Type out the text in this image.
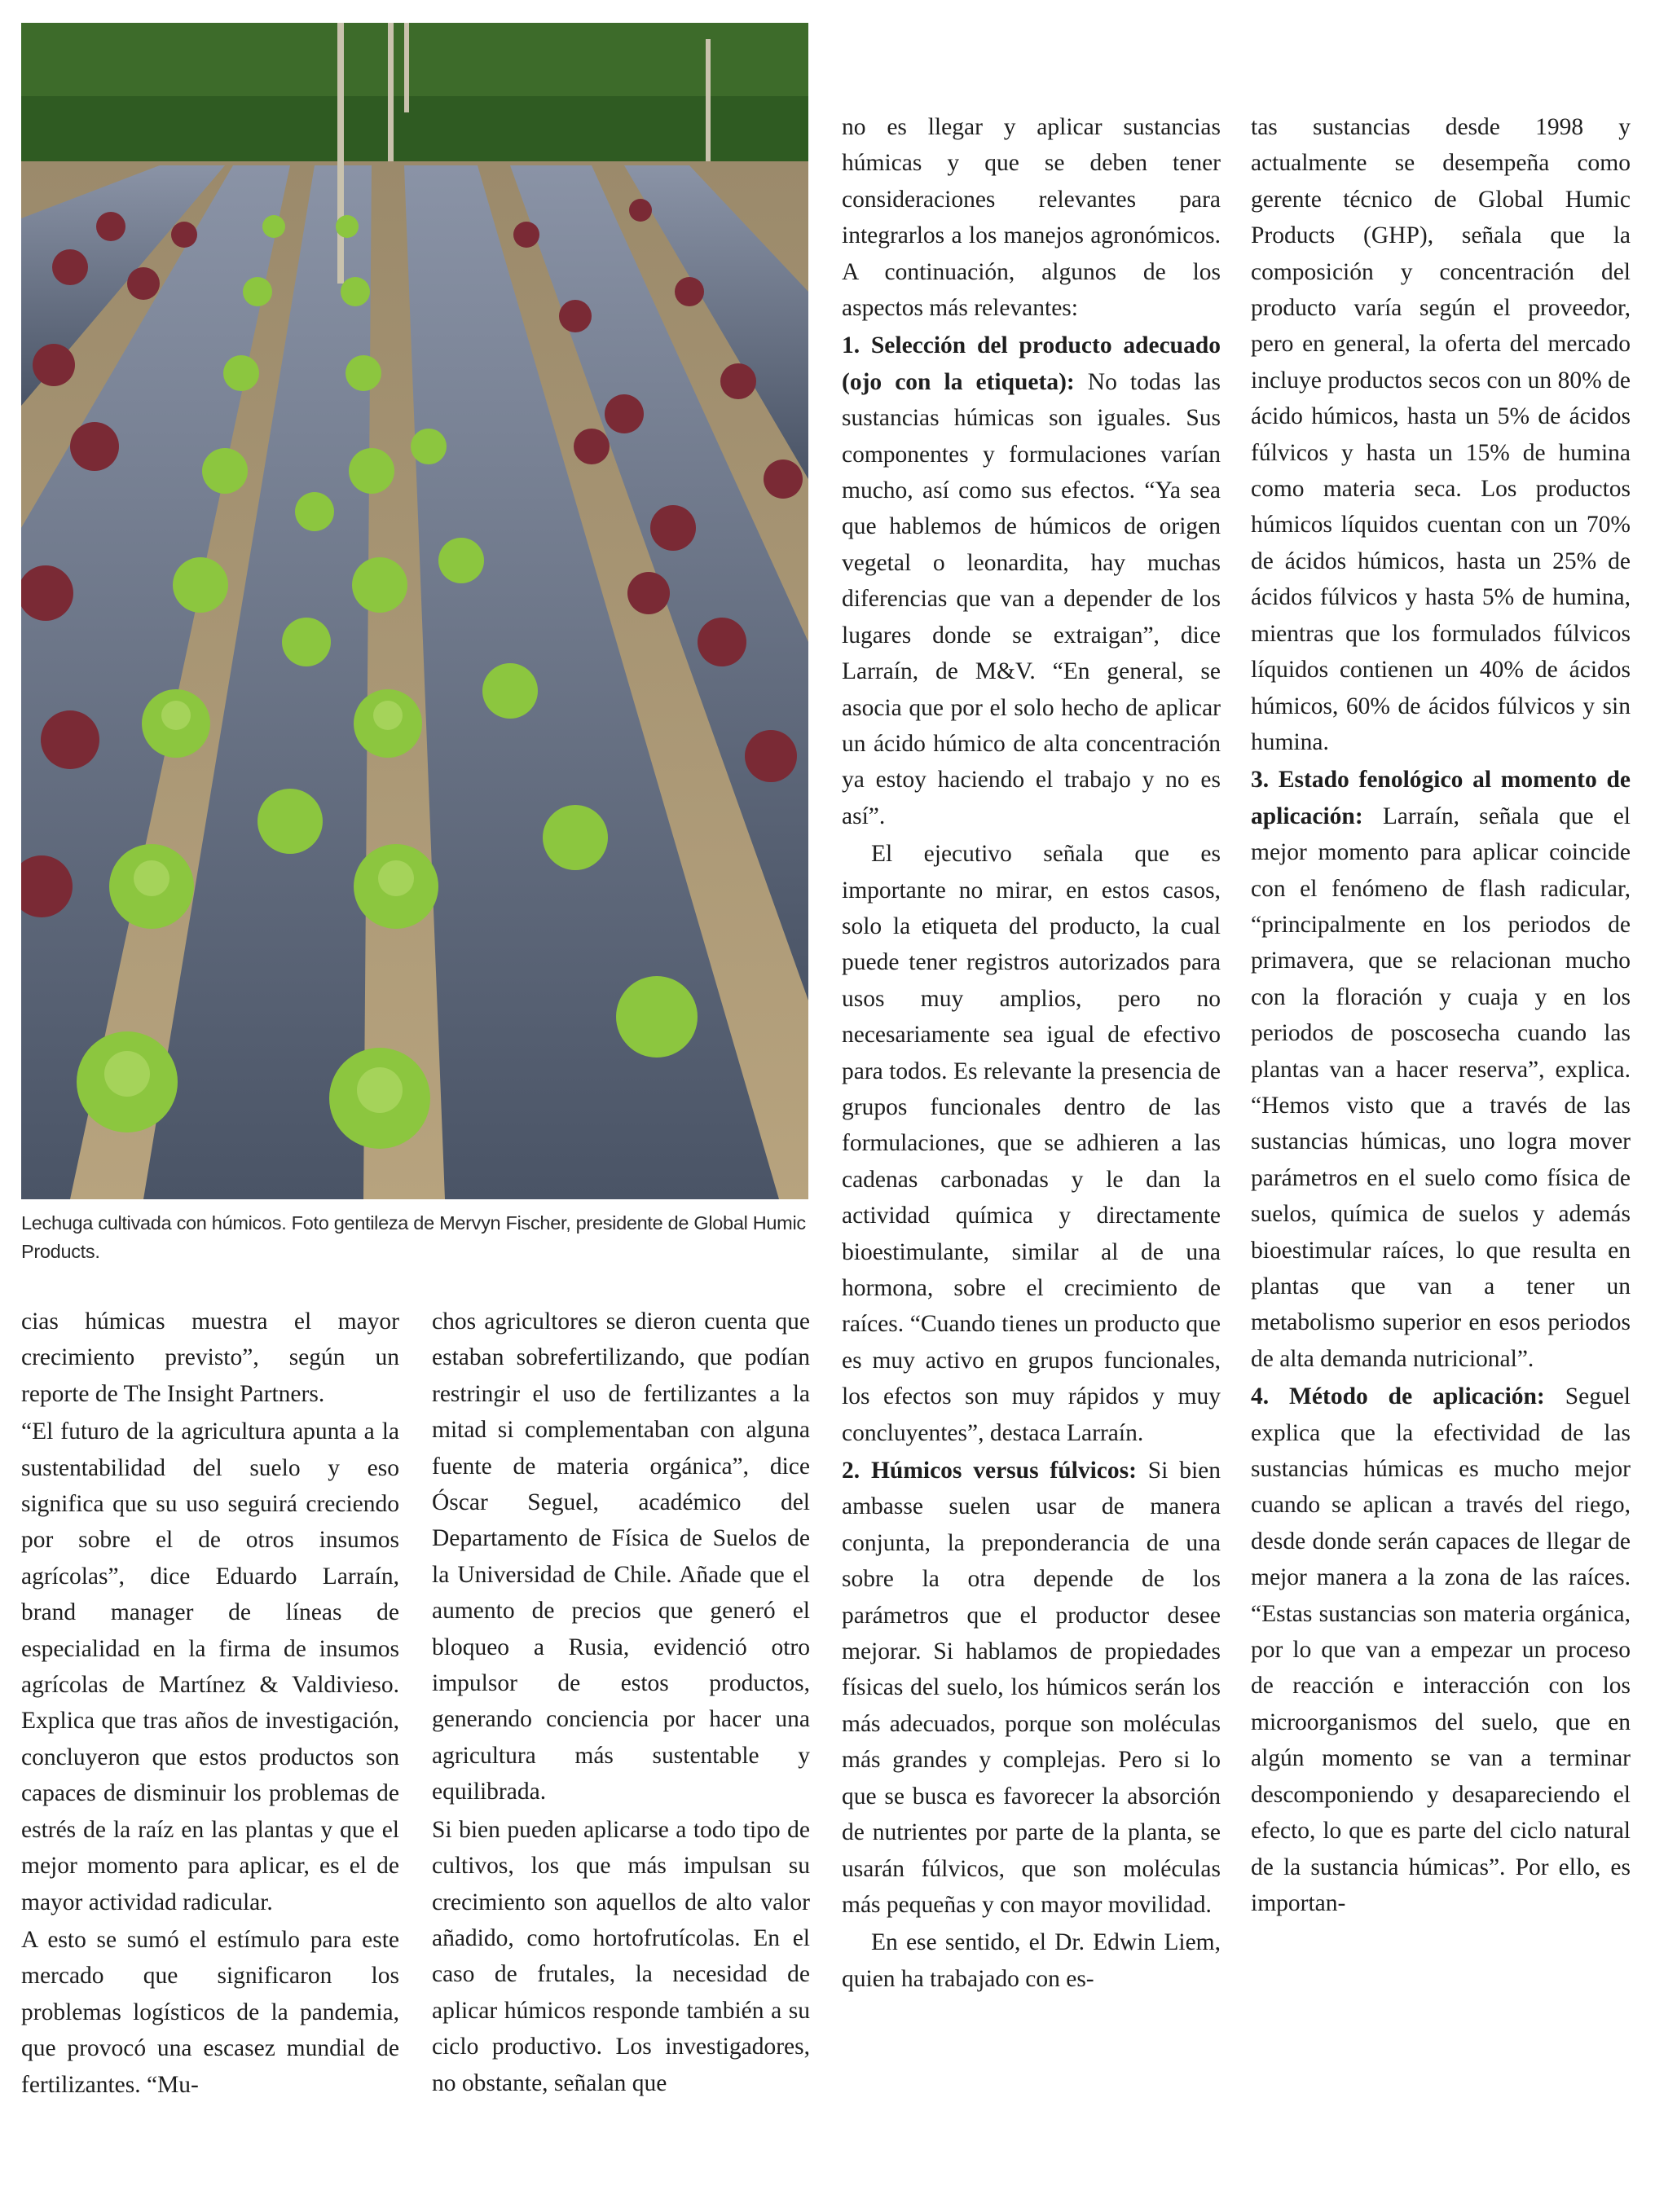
Lechuga cultivada con húmicos. Foto gentileza de Mervyn Fischer, presidente de Global Humic Products.

cias húmicas muestra el mayor crecimiento previsto”, según un reporte de The Insight Partners.

“El futuro de la agricultura apunta a la sustentabilidad del suelo y eso significa que su uso seguirá creciendo por sobre el de otros insumos agrícolas”, dice Eduardo Larraín, brand manager de líneas de especialidad en la firma de insumos agrícolas de Martínez & Valdivieso. Explica que tras años de investigación, concluyeron que estos productos son capaces de disminuir los problemas de estrés de la raíz en las plantas y que el mejor momento para aplicar, es el de mayor actividad radicular.

A esto se sumó el estímulo para este mercado que significaron los problemas logísticos de la pandemia, que provocó una escasez mundial de fertilizantes. “Mu-

chos agricultores se dieron cuenta que estaban sobrefertilizando, que podían restringir el uso de fertilizantes a la mitad si complementaban con alguna fuente de materia orgánica”, dice Óscar Seguel, académico del Departamento de Física de Suelos de la Universidad de Chile. Añade que el aumento de precios que generó el bloqueo a Rusia, evidenció otro impulsor de estos productos, generando conciencia por hacer una agricultura más sustentable y equilibrada.

Si bien pueden aplicarse a todo tipo de cultivos, los que más impulsan su crecimiento son aquellos de alto valor añadido, como hortofrutícolas. En el caso de frutales, la necesidad de aplicar húmicos responde también a su ciclo productivo. Los investigadores, no obstante, señalan que

no es llegar y aplicar sustancias húmicas y que se deben tener consideraciones relevantes para integrarlos a los manejos agronómicos. A continuación, algunos de los aspectos más relevantes:

1. Selección del producto adecuado (ojo con la etiqueta): No todas las sustancias húmicas son iguales. Sus componentes y formulaciones varían mucho, así como sus efectos. “Ya sea que hablemos de húmicos de origen vegetal o leonardita, hay muchas diferencias que van a depender de los lugares donde se extraigan”, dice Larraín, de M&V. “En general, se asocia que por el solo hecho de aplicar un ácido húmico de alta concentración ya estoy haciendo el trabajo y no es así”.

El ejecutivo señala que es importante no mirar, en estos casos, solo la etiqueta del producto, la cual puede tener registros autorizados para usos muy amplios, pero no necesariamente sea igual de efectivo para todos. Es relevante la presencia de grupos funcionales dentro de las formulaciones, que se adhieren a las cadenas carbonadas y le dan la actividad química y directamente bioestimulante, similar al de una hormona, sobre el crecimiento de raíces. “Cuando tienes un producto que es muy activo en grupos funcionales, los efectos son muy rápidos y muy concluyentes”, destaca Larraín.

2. Húmicos versus fúlvicos: Si bien ambasse suelen usar de manera conjunta, la preponderancia de una sobre la otra depende de los parámetros que el productor desee mejorar. Si hablamos de propiedades físicas del suelo, los húmicos serán los más adecuados, porque son moléculas más grandes y complejas. Pero si lo que se busca es favorecer la absorción de nutrientes por parte de la planta, se usarán fúlvicos, que son moléculas más pequeñas y con mayor movilidad.

En ese sentido, el Dr. Edwin Liem, quien ha trabajado con es-

tas sustancias desde 1998 y actualmente se desempeña como gerente técnico de Global Humic Products (GHP), señala que la composición y concentración del producto varía según el proveedor, pero en general, la oferta del mercado incluye productos secos con un 80% de ácido húmicos, hasta un 5% de ácidos fúlvicos y hasta un 15% de humina como materia seca. Los productos húmicos líquidos cuentan con un 70% de ácidos húmicos, hasta un 25% de ácidos fúlvicos y hasta 5% de humina, mientras que los formulados fúlvicos líquidos contienen un 40% de ácidos húmicos, 60% de ácidos fúlvicos y sin humina.

3. Estado fenológico al momento de aplicación: Larraín, señala que el mejor momento para aplicar coincide con el fenómeno de flash radicular, “principalmente en los periodos de primavera, que se relacionan mucho con la floración y cuaja y en los periodos de poscosecha cuando las plantas van a hacer reserva”, explica. “Hemos visto que a través de las sustancias húmicas, uno logra mover parámetros en el suelo como física de suelos, química de suelos y además bioestimular raíces, lo que resulta en plantas que van a tener un metabolismo superior en esos periodos de alta demanda nutricional”.

4. Método de aplicación: Seguel explica que la efectividad de las sustancias húmicas es mucho mejor cuando se aplican a través del riego, desde donde serán capaces de llegar de mejor manera a la zona de las raíces. “Estas sustancias son materia orgánica, por lo que van a empezar un proceso de reacción e interacción con los microorganismos del suelo, que en algún momento se van a terminar descomponiendo y desapareciendo el efecto, lo que es parte del ciclo natural de la sustancia húmicas”. Por ello, es importan-
